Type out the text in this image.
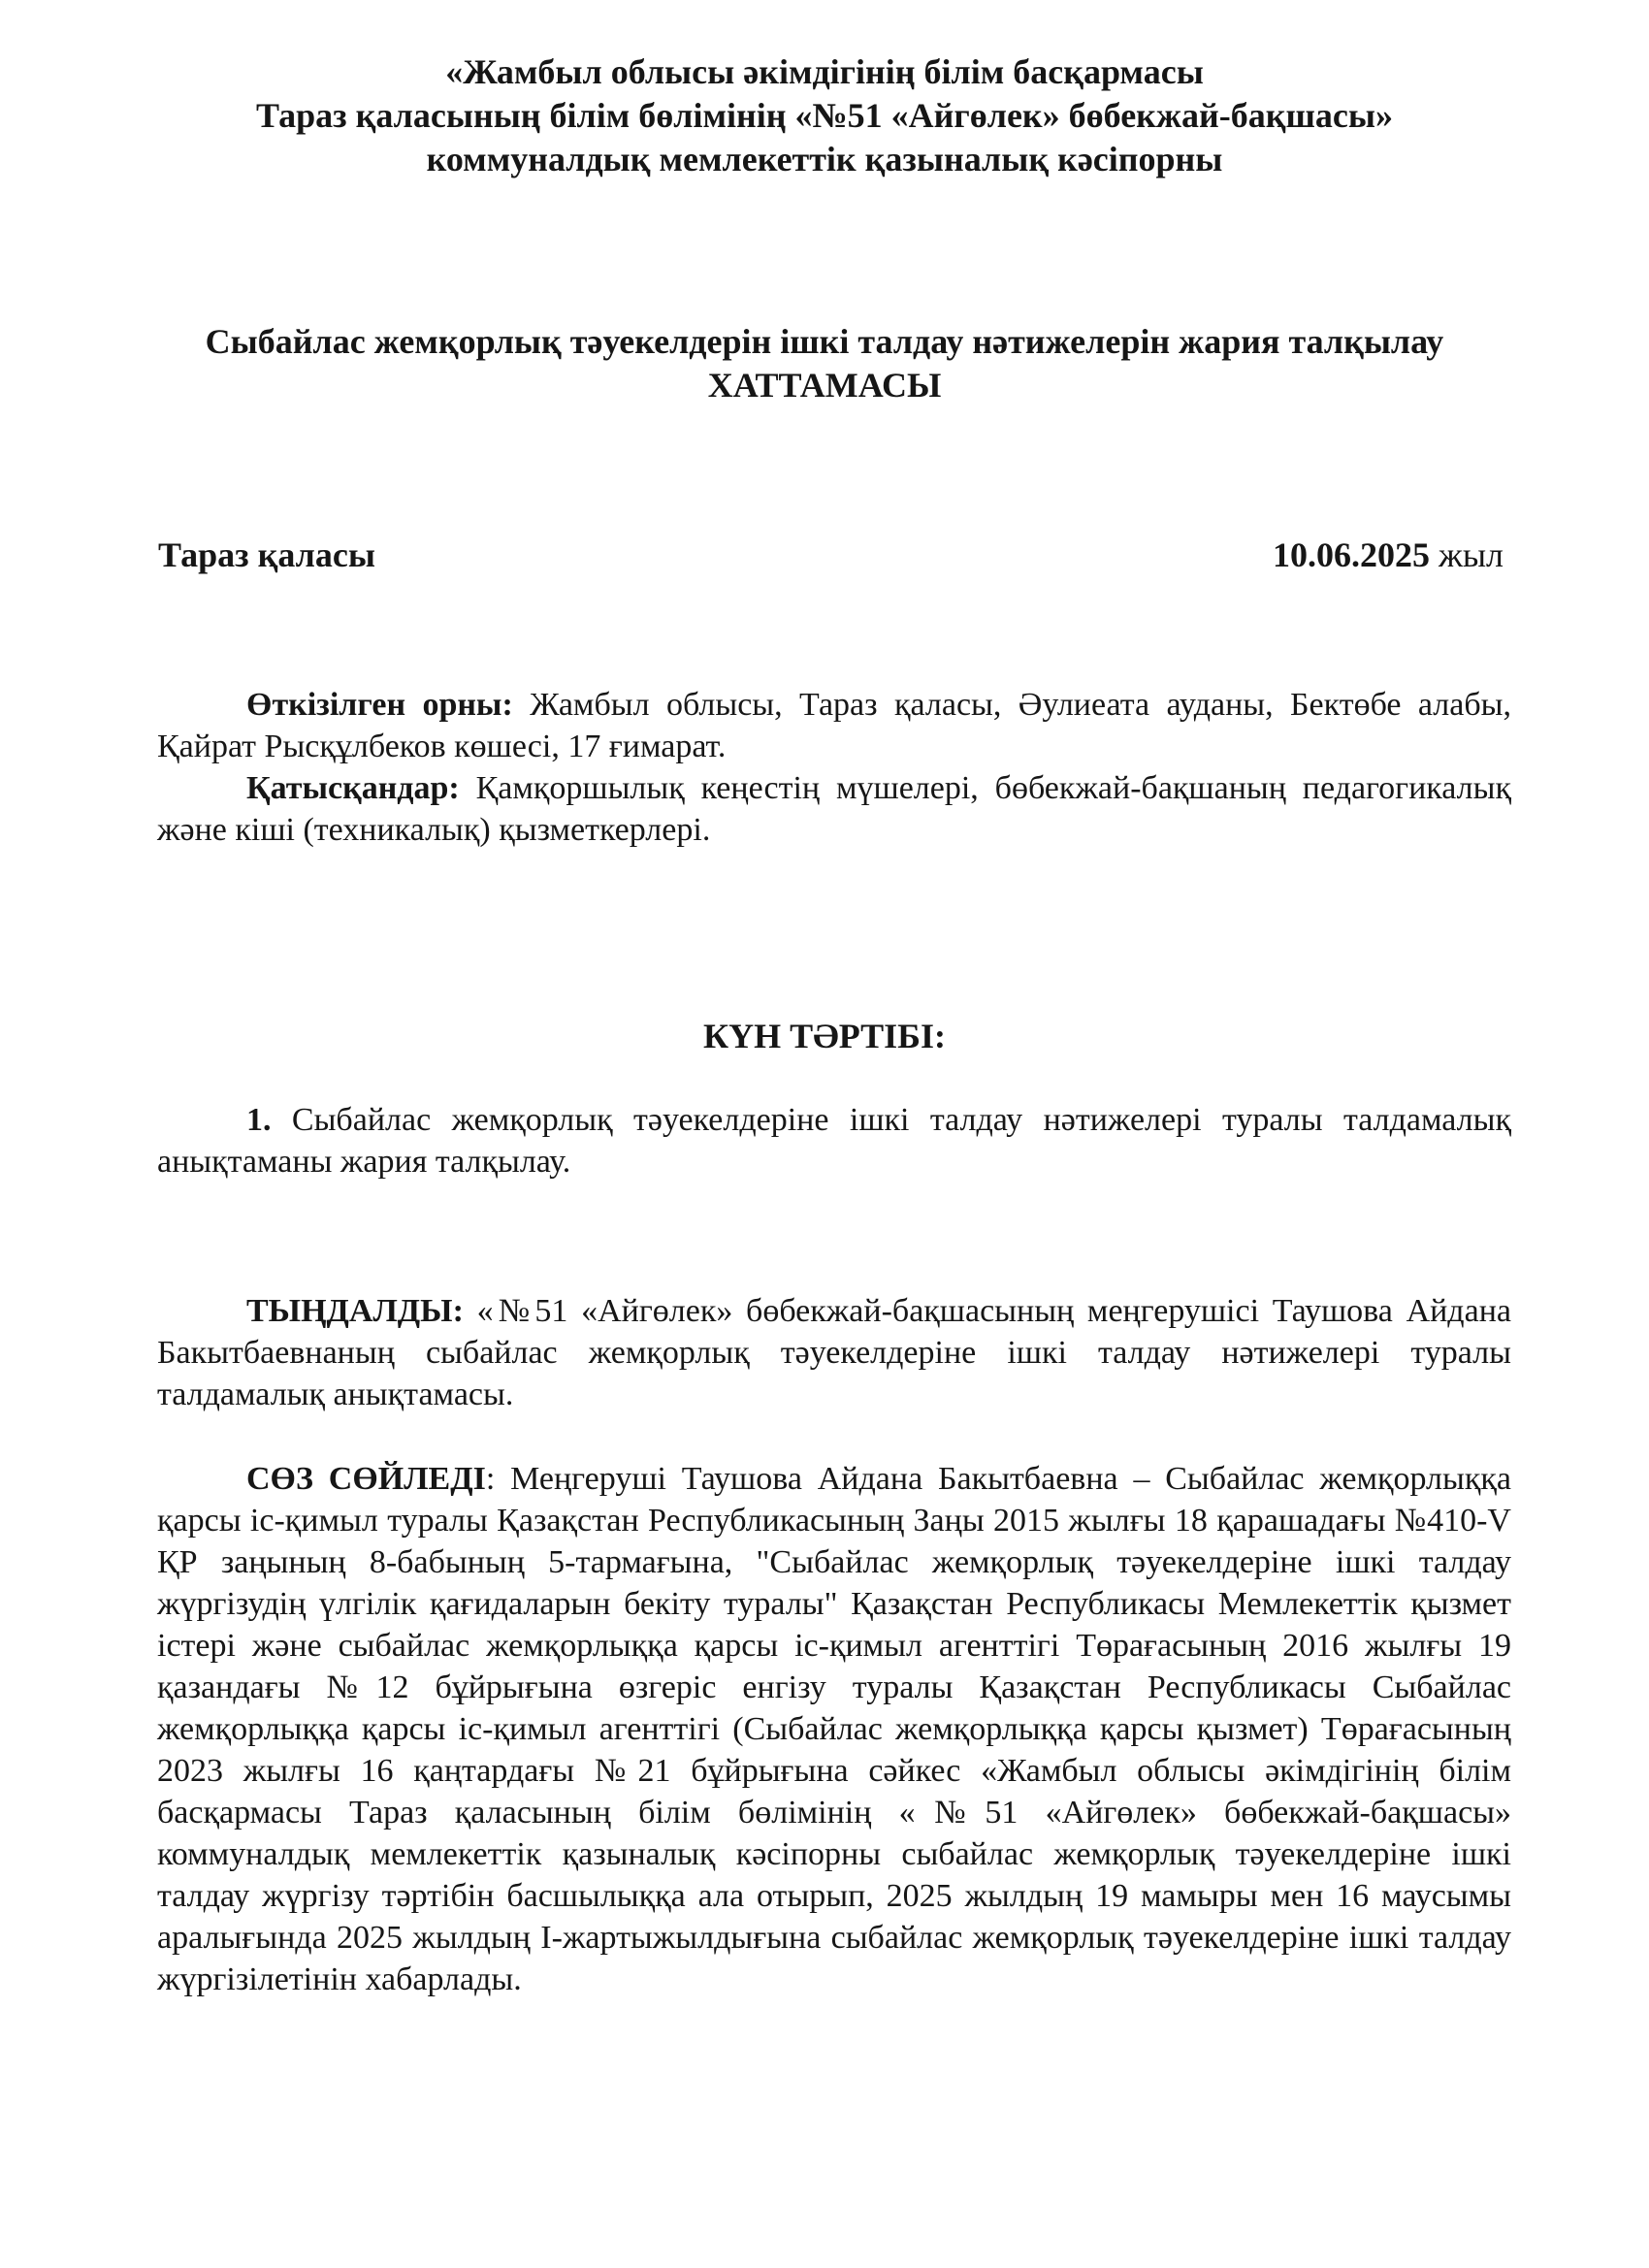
«Жамбыл облысы әкімдігінің білім басқармасы
Тараз қаласының білім бөлімінің «№51 «Айгөлек» бөбекжай-бақшасы»
коммуналдық мемлекеттік қазыналық кәсіпорны
Сыбайлас жемқорлық тәуекелдерін ішкі талдау нәтижелерін жария талқылау
ХАТТАМАСЫ
Тараз қаласы	10.06.2025 жыл

Өткізілген орны: Жамбыл облысы, Тараз қаласы, Әулиеата ауданы, Бектөбе алабы, Қайрат Рысқұлбеков көшесі, 17 ғимарат.

Қатысқандар: Қамқоршылық кеңестің мүшелері, бөбекжай-бақшаның педагогикалық және кіші (техникалық) қызметкерлері.

КҮН ТӘРТІБІ:

1. Сыбайлас жемқорлық тәуекелдеріне ішкі талдау нәтижелері туралы талдамалық анықтаманы жария талқылау.

ТЫҢДАЛДЫ: «№51 «Айгөлек» бөбекжай-бақшасының меңгерушісі Таушова Айдана Бакытбаевнаның сыбайлас жемқорлық тәуекелдеріне ішкі талдау нәтижелері туралы талдамалық анықтамасы.

СӨЗ СӨЙЛЕДІ: Меңгеруші Таушова Айдана Бакытбаевна – Сыбайлас жемқорлыққа қарсы іс-қимыл туралы Қазақстан Республикасының Заңы 2015 жылғы 18 қарашадағы №410-V ҚР заңының 8-бабының 5-тармағына, "Сыбайлас жемқорлық тәуекелдеріне ішкі талдау жүргізудің үлгілік қағидаларын бекіту туралы" Қазақстан Республикасы Мемлекеттік қызмет істері және сыбайлас жемқорлыққа қарсы іс-қимыл агенттігі Төрағасының 2016 жылғы 19 қазандағы №12 бұйрығына өзгеріс енгізу туралы Қазақстан Республикасы Сыбайлас жемқорлыққа қарсы іс-қимыл агенттігі (Сыбайлас жемқорлыққа қарсы қызмет) Төрағасының 2023 жылғы 16 қаңтардағы №21 бұйрығына сәйкес «Жамбыл облысы әкімдігінің білім басқармасы Тараз қаласының білім бөлімінің «№51 «Айгөлек» бөбекжай-бақшасы» коммуналдық мемлекеттік қазыналық кәсіпорны сыбайлас жемқорлық тәуекелдеріне ішкі талдау жүргізу тәртібін басшылыққа ала отырып, 2025 жылдың 19 мамыры мен 16 маусымы аралығында 2025 жылдың I-жартыжылдығына сыбайлас жемқорлық тәуекелдеріне ішкі талдау жүргізілетінін хабарлады.
